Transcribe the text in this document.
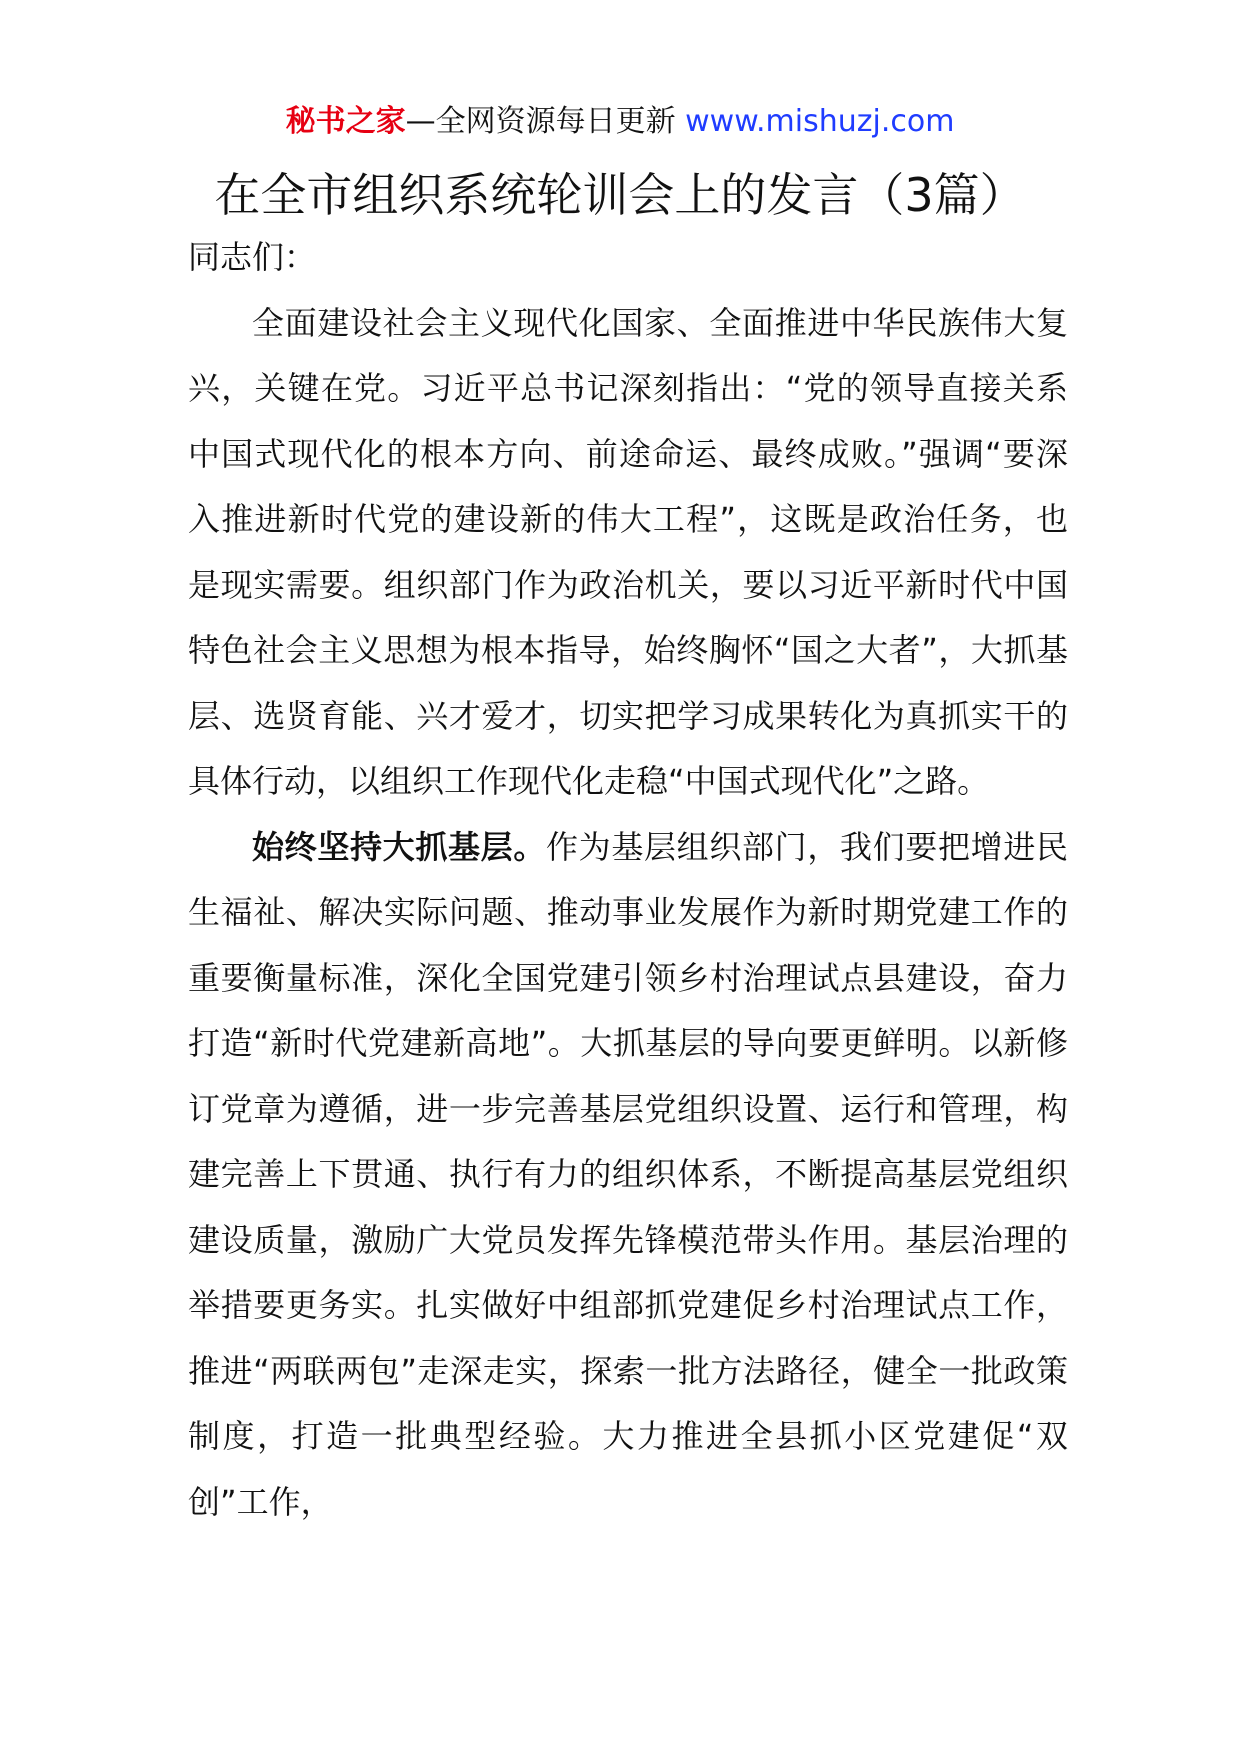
秘书之家—全网资源每日更新 www.mishuzj.com
在全市组织系统轮训会上的发言（3篇）

同志们：

全面建设社会主义现代化国家、全面推进中华民族伟大复兴，关键在党。习近平总书记深刻指出：“党的领导直接关系中国式现代化的根本方向、前途命运、最终成败。”强调“要深入推进新时代党的建设新的伟大工程”，这既是政治任务，也是现实需要。组织部门作为政治机关，要以习近平新时代中国特色社会主义思想为根本指导，始终胸怀“国之大者”，大抓基层、选贤育能、兴才爱才，切实把学习成果转化为真抓实干的具体行动，以组织工作现代化走稳“中国式现代化”之路。

始终坚持大抓基层。作为基层组织部门，我们要把增进民生福祉、解决实际问题、推动事业发展作为新时期党建工作的重要衡量标准，深化全国党建引领乡村治理试点县建设，奋力打造“新时代党建新高地”。大抓基层的导向要更鲜明。以新修订党章为遵循，进一步完善基层党组织设置、运行和管理，构建完善上下贯通、执行有力的组织体系，不断提高基层党组织建设质量，激励广大党员发挥先锋模范带头作用。基层治理的举措要更务实。扎实做好中组部抓党建促乡村治理试点工作，推进“两联两包”走深走实，探索一批方法路径，健全一批政策制度，打造一批典型经验。大力推进全县抓小区党建促“双创”工作，
